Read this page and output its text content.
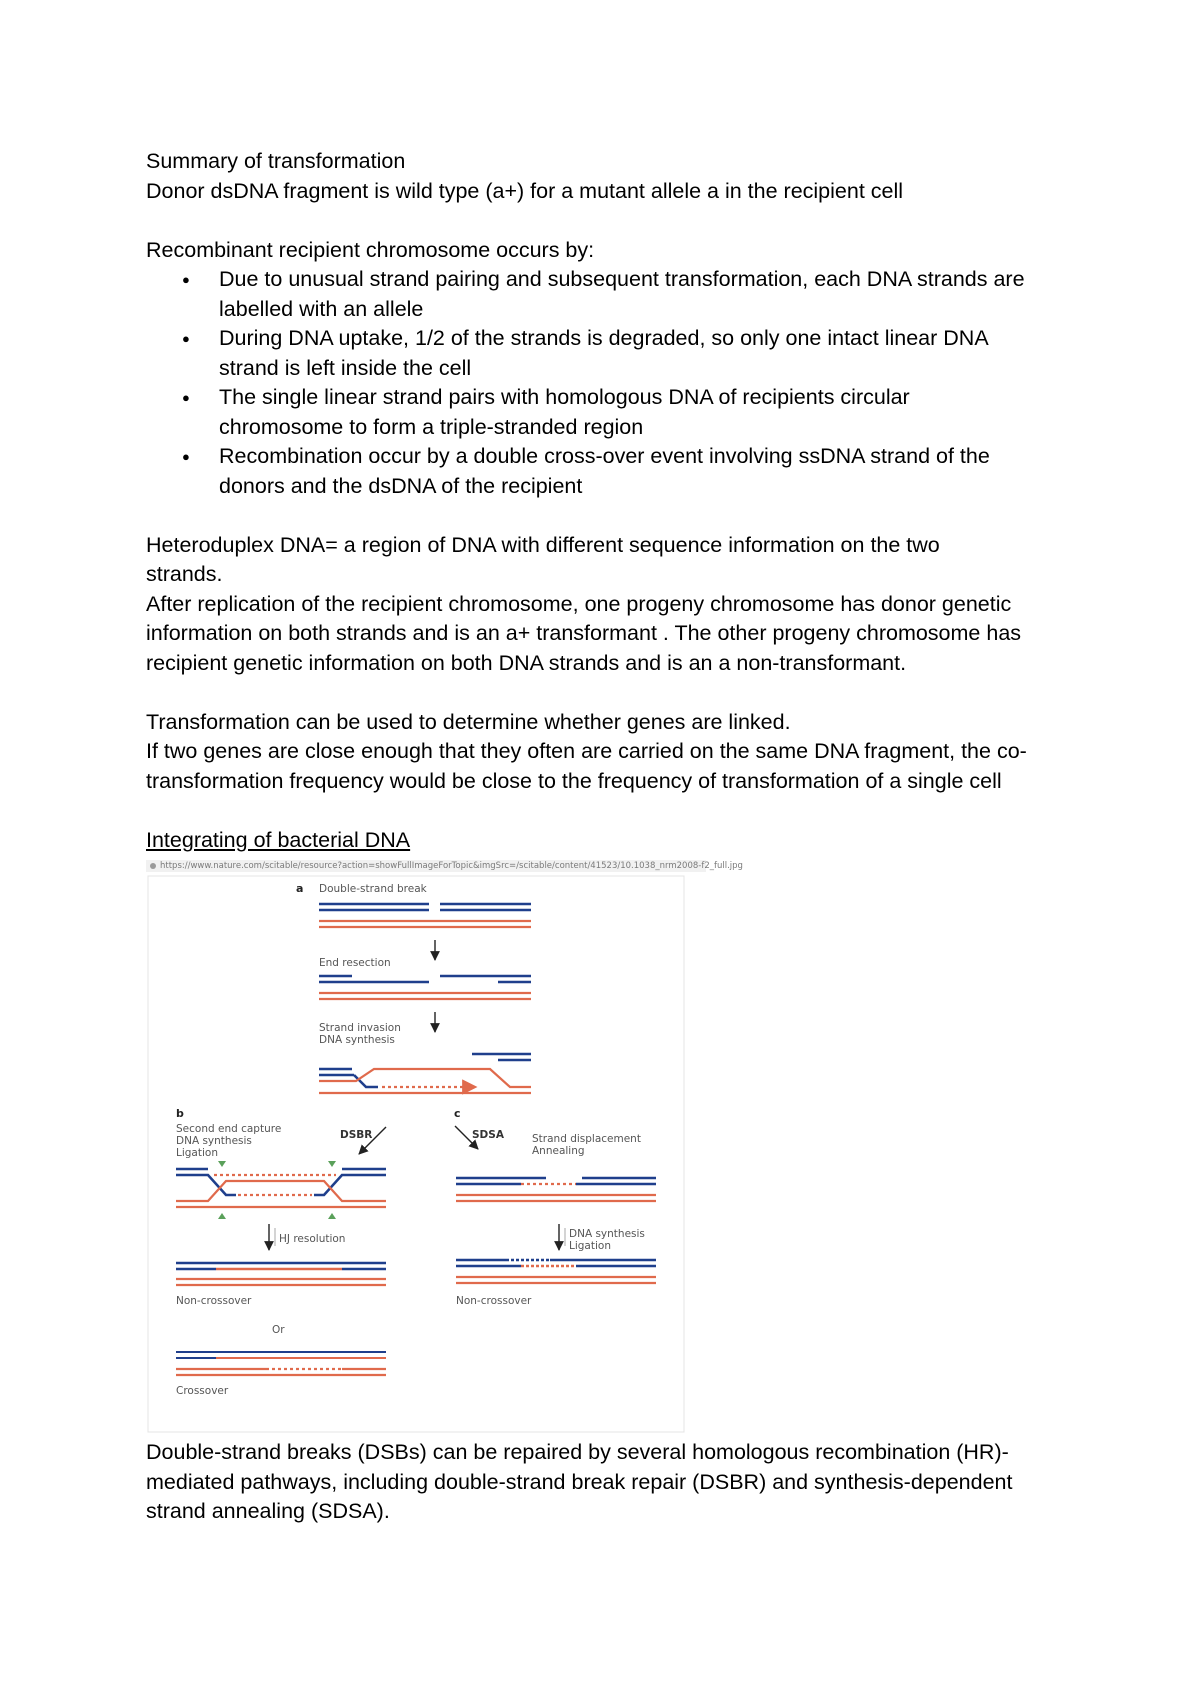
Summary of transformation
Donor dsDNA fragment is wild type (a+) for a mutant allele a in the recipient cell
Recombinant recipient chromosome occurs by:
● Due to unusual strand pairing and subsequent transformation, each DNA strands are
labelled with an allele
● During DNA uptake, 1/2 of the strands is degraded, so only one intact linear DNA
strand is left inside the cell
● The single linear strand pairs with homologous DNA of recipients circular
chromosome to form a triple-stranded region
● Recombination occur by a double cross-over event involving ssDNA strand of the
donors and the dsDNA of the recipient
Heteroduplex DNA= a region of DNA with different sequence information on the two
strands.
After replication of the recipient chromosome, one progeny chromosome has donor genetic
information on both strands and is an a+ transformant . The other progeny chromosome has
recipient genetic information on both DNA strands and is an a non-transformant.
Transformation can be used to determine whether genes are linked.
If two genes are close enough that they often are carried on the same DNA fragment, the co-
transformation frequency would be close to the frequency of transformation of a single cell
Integrating of bacterial DNA
https://www.nature.com/scitable/resource?action=showFullImageForTopic&imgSrc=/scitable/content/41523/10.1038_nrm2008-f2_full.jpg
a Double-strand break
End resection
Strand invasion
DNA synthesis
b
Second end capture
DNA synthesis
Ligation
DSBR
HJ resolution
Non-crossover
Or
Crossover
c
SDSA	Strand displacement
Annealing
DNA synthesis
Ligation
Non-crossover
Double-strand breaks (DSBs) can be repaired by several homologous recombination (HR)-
mediated pathways, including double-strand break repair (DSBR) and synthesis-dependent
strand annealing (SDSA).
